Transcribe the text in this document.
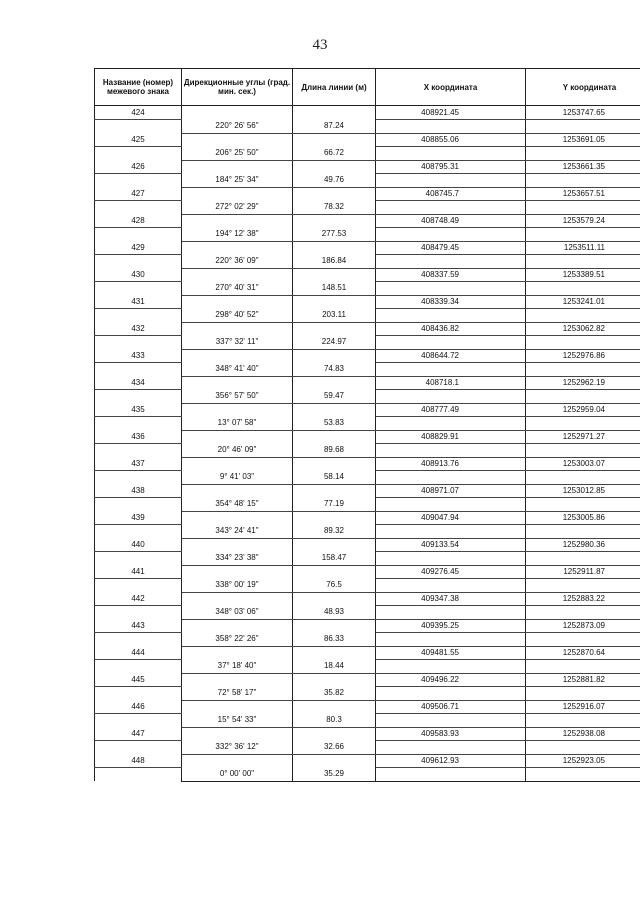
43
Название (номер) межевого знака	Дирекционные углы (град. мин. сек.)	Длина линии (м)	X координата	Y координата
424			408921.45	1253747.65
	220° 26' 56"	87.24		
425			408855.06	1253691.05
	206° 25' 50"	66.72		
426			408795.31	1253661.35
	184° 25' 34"	49.76		
427			408745.7	1253657.51
	272° 02' 29"	78.32		
428			408748.49	1253579.24
	194° 12' 38"	277.53		
429			408479.45	1253511.11
	220° 36' 09"	186.84		
430			408337.59	1253389.51
	270° 40' 31"	148.51		
431			408339.34	1253241.01
	298° 40' 52"	203.11		
432			408436.82	1253062.82
	337° 32' 11"	224.97		
433			408644.72	1252976.86
	348° 41' 40"	74.83		
434			408718.1	1252962.19
	356° 57' 50"	59.47		
435			408777.49	1252959.04
	13° 07' 58"	53.83		
436			408829.91	1252971.27
	20° 46' 09"	89.68		
437			408913.76	1253003.07
	9° 41' 03"	58.14		
438			408971.07	1253012.85
	354° 48' 15"	77.19		
439			409047.94	1253005.86
	343° 24' 41"	89.32		
440			409133.54	1252980.36
	334° 23' 38"	158.47		
441			409276.45	1252911.87
	338° 00' 19"	76.5		
442			409347.38	1252883.22
	348° 03' 06"	48.93		
443			409395.25	1252873.09
	358° 22' 26"	86.33		
444			409481.55	1252870.64
	37° 18' 40"	18.44		
445			409496.22	1252881.82
	72° 58' 17"	35.82		
446			409506.71	1252916.07
	15° 54' 33"	80.3		
447			409583.93	1252938.08
	332° 36' 12"	32.66		
448			409612.93	1252923.05
	0° 00' 00"	35.29		
